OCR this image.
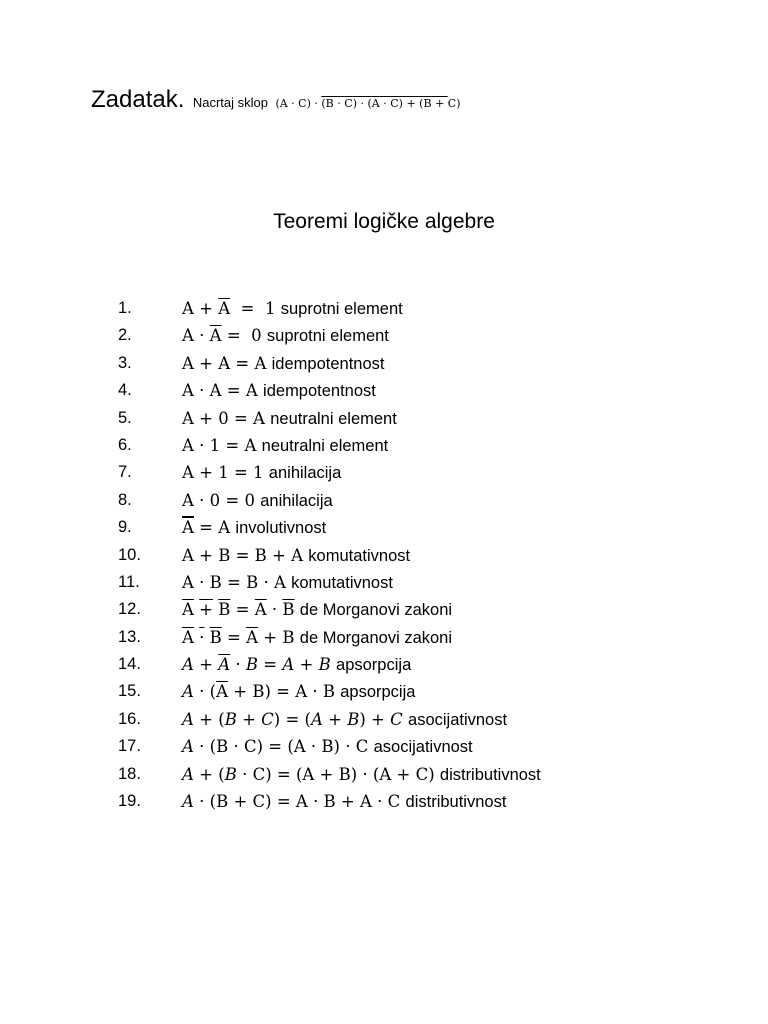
Zadatak. Nacrtaj sklop $(A \cdot C) \cdot (\overline{B} \cdot \overline{C}) \cdot (\overline{A} \cdot \overline{C}) + (\overline{B} + C)$
Teoremi logičke algebre
1.	$A + \overline{A} = 1$ suprotni element
2.	$A \cdot \overline{A} = 0$ suprotni element
3.	A + A = A idempotentnost
4.	A · A = A idempotentnost
5.	A + 0 = A neutralni element
6.	A · 1 = A neutralni element
7.	A + 1 = 1 anihilacija
8.	A · 0 = 0 anihilacija
9.	$\overline{A} = A$ involutivnost
10.	A + B = B + A komutativnost
11.	A · B = B · A komutativnost
12.	$\overline{A} + \overline{B} = \overline{A} \cdot \overline{B}$ de Morganovi zakoni
13.	$\overline{A} \cdot \overline{B} = \overline{A} + B$ de Morganovi zakoni
14.	$A + \overline{A} \cdot B = A + B$ apsorpcija
15.	$A \cdot (\overline{A} + B) = A \cdot B$ apsorpcija
16.	A + (B + C) = (A + B) + C asocijativnost
17.	A · (B · C) = (A · B) · C asocijativnost
18.	A + (B · C) = (A + B) · (A + C) distributivnost
19.	A · (B + C) = A · B + A · C distributivnost
